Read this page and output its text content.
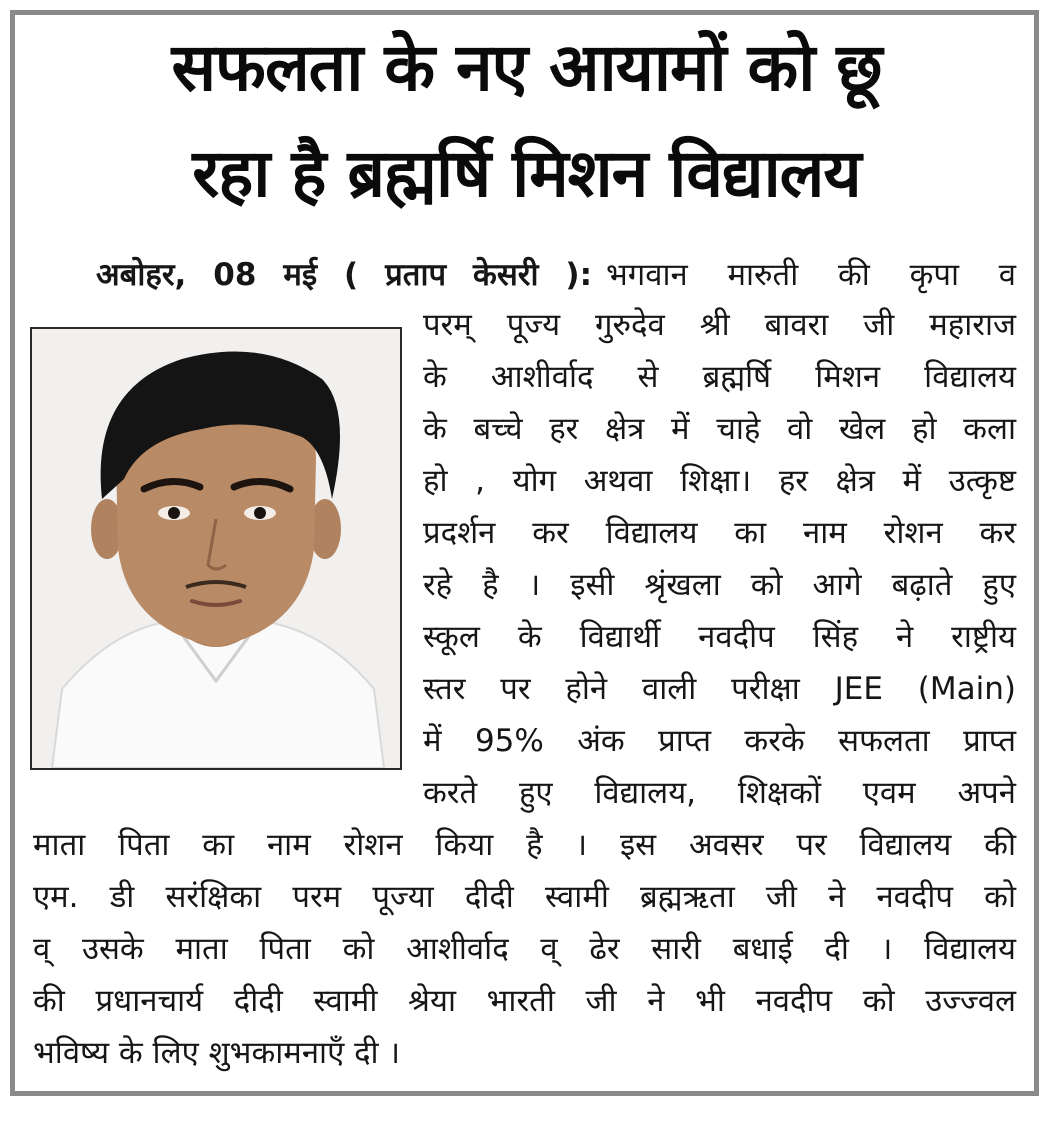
सफलता के नए आयामों को छू
रहा है ब्रह्मर्षि मिशन विद्यालय
अबोहर, 08 मई ( प्रताप केसरी ): भगवान मारुती की कृपा व
परम् पूज्य गुरुदेव श्री बावरा जी महाराज
के आशीर्वाद से ब्रह्मर्षि मिशन विद्यालय
के बच्चे हर क्षेत्र में चाहे वो खेल हो कला
हो , योग अथवा शिक्षा। हर क्षेत्र में उत्कृष्ट
प्रदर्शन कर विद्यालय का नाम रोशन कर
रहे है । इसी श्रृंखला को आगे बढ़ाते हुए
स्कूल के विद्यार्थी नवदीप सिंह ने राष्ट्रीय
स्तर पर होने वाली परीक्षा JEE (Main)
में 95% अंक प्राप्त करके सफलता प्राप्त
करते हुए विद्यालय, शिक्षकों एवम अपने
माता पिता का नाम रोशन किया है । इस अवसर पर विद्यालय की
एम. डी सरंक्षिका परम पूज्या दीदी स्वामी ब्रह्मऋता जी ने नवदीप को
व् उसके माता पिता को आशीर्वाद व् ढेर सारी बधाई दी । विद्यालय
की प्रधानचार्य दीदी स्वामी श्रेया भारती जी ने भी नवदीप को उज्ज्वल
भविष्य के लिए शुभकामनाएँ दी ।
